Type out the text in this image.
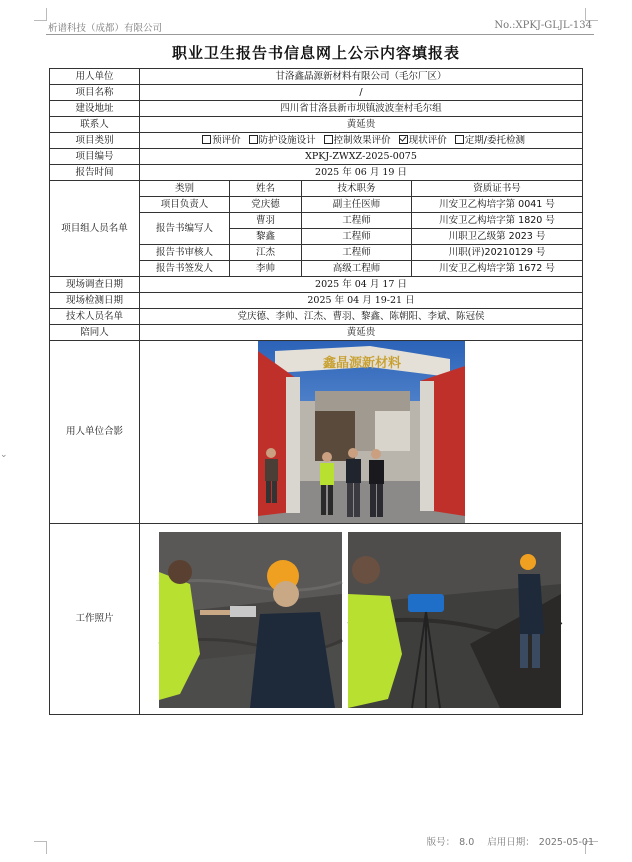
析谱科技（成都）有限公司	No.:XPKJ-GLJL-134
⌄
职业卫生报告书信息网上公示内容填报表
用人单位	甘洛鑫晶源新材料有限公司（毛尔厂区）			
项目名称	/			
建设地址	四川省甘洛县新市坝镇波波奎村毛尔组			
联系人	黄延贵			
项目类别	预评价 防护设施设计 控制效果评价 现状评价 定期/委托检测			
项目编号	XPKJ-ZWXZ-2025-0075			
报告时间	2025 年 06 月 19 日			
项目组人员名单	类别	姓名	技术职务	资质证书号
	项目负责人	党庆德	副主任医师	川安卫乙构培字第 0041 号
	报告书编写人	曹羽	工程师	川安卫乙构培字第 1820 号
		黎鑫	工程师	川职卫乙级第 2023 号
	报告书审核人	江杰	工程师	川职(评)20210129 号
	报告书签发人	李帅	高级工程师	川安卫乙构培字第 1672 号
现场调查日期	2025 年 04 月 17 日			
现场检测日期	2025 年 04 月 19-21 日			
技术人员名单	党庆德、李帅、江杰、曹羽、黎鑫、陈朝阳、李斌、陈冠侯			
陪同人	黄延贵			
用人单位合影	鑫晶源新材料			

工作照片	
版号： 8.0 启用日期： 2025-05-01
